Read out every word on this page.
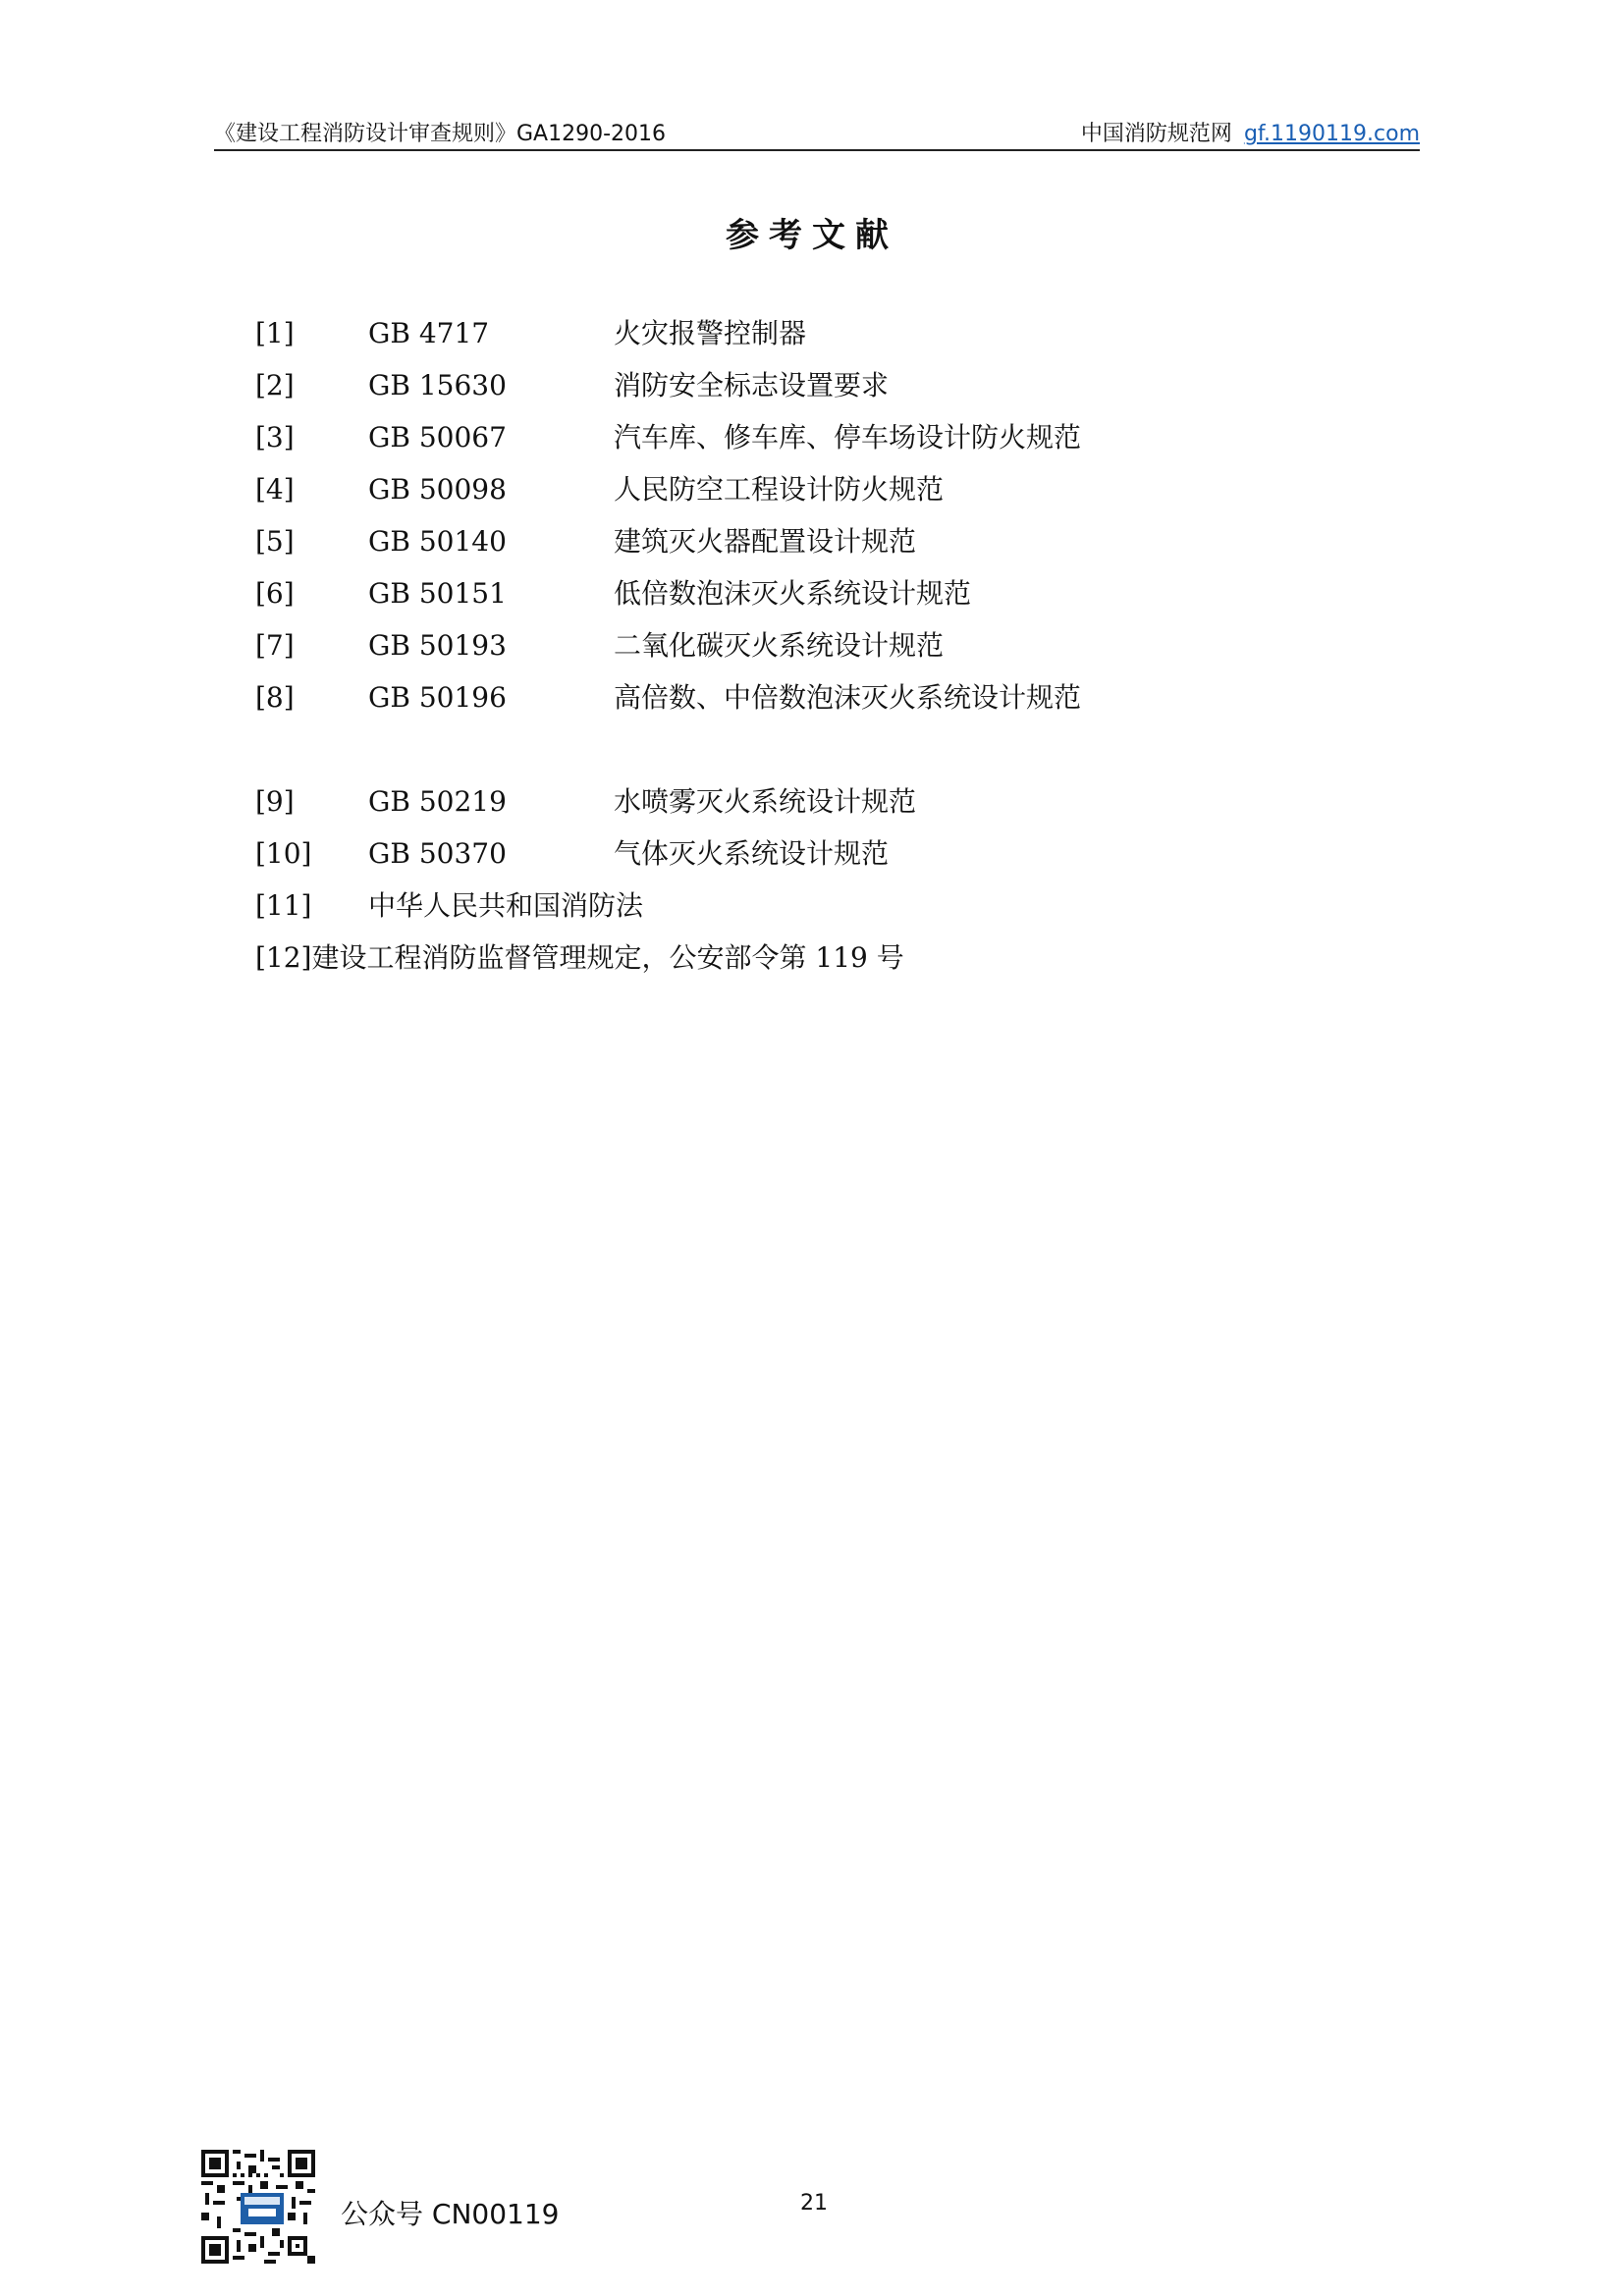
《建设工程消防设计审查规则》GA1290-2016	中国消防规范网 gf.1190119.com
参考文献
[1]	GB 4717	火灾报警控制器
[2]	GB 15630	消防安全标志设置要求
[3]	GB 50067	汽车库、修车库、停车场设计防火规范
[4]	GB 50098	人民防空工程设计防火规范
[5]	GB 50140	建筑灭火器配置设计规范
[6]	GB 50151	低倍数泡沫灭火系统设计规范
[7]	GB 50193	二氧化碳灭火系统设计规范
[8]	GB 50196	高倍数、中倍数泡沫灭火系统设计规范
[9]	GB 50219	水喷雾灭火系统设计规范
[10] GB 50370	气体灭火系统设计规范
[11] 中华人民共和国消防法
[12]建设工程消防监督管理规定，公安部令第 119 号
公众号 CN00119	21
